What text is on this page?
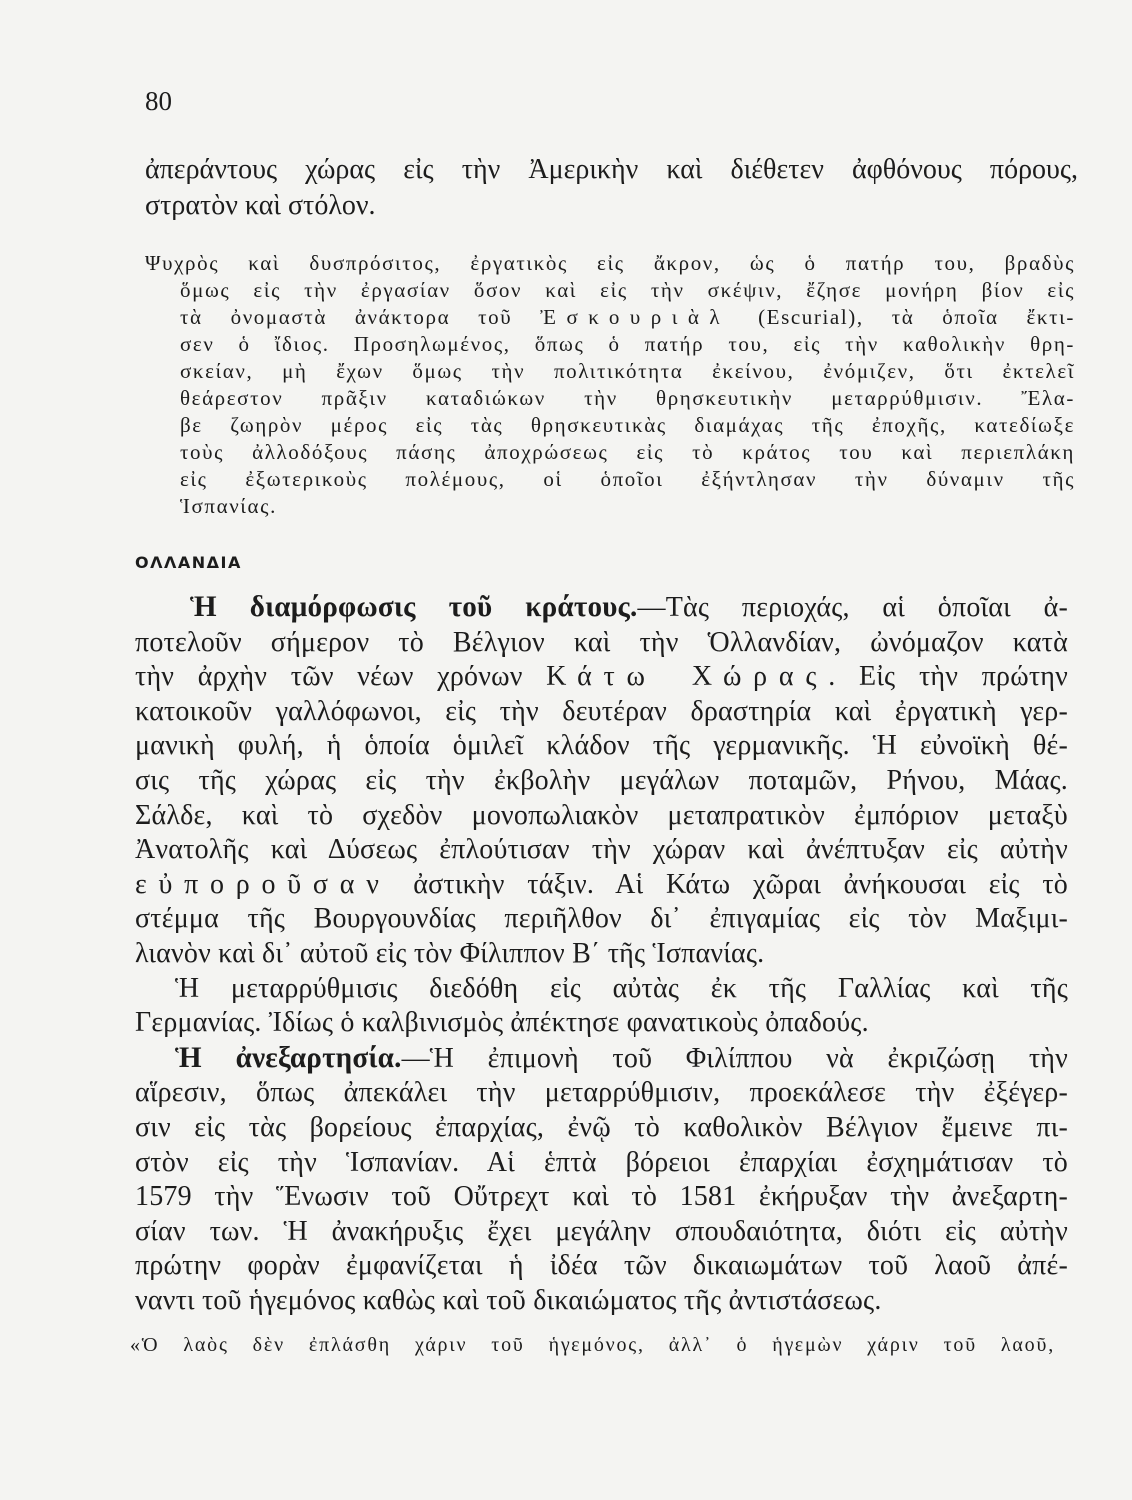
80
ἀπεράντους χώρας εἰς τὴν Ἀμερικὴν καὶ διέθετεν ἀφθόνους πόρους,
στρατὸν καὶ στόλον.
Ψυχρὸς καὶ δυσπρόσιτος, ἐργατικὸς εἰς ἄκρον, ὡς ὁ πατήρ του, βραδὺς
ὅμως εἰς τὴν ἐργασίαν ὅσον καὶ εἰς τὴν σκέψιν, ἔζησε μονήρη βίον εἰς
τὰ ὀνομαστὰ ἀνάκτορα τοῦ Ἐσκουριὰλ (Escurial), τὰ ὁποῖα ἔκτι-
σεν ὁ ἴδιος. Προσηλωμένος, ὅπως ὁ πατήρ του, εἰς τὴν καθολικὴν θρη-
σκείαν, μὴ ἔχων ὅμως τὴν πολιτικότητα ἐκείνου, ἐνόμιζεν, ὅτι ἐκτελεῖ
θεάρεστον πρᾶξιν καταδιώκων τὴν θρησκευτικὴν μεταρρύθμισιν. Ἔλα-
βε ζωηρὸν μέρος εἰς τὰς θρησκευτικὰς διαμάχας τῆς ἐποχῆς, κατεδίωξε
τοὺς ἀλλοδόξους πάσης ἀποχρώσεως εἰς τὸ κράτος του καὶ περιεπλάκη
εἰς ἐξωτερικοὺς πολέμους, οἱ ὁποῖοι ἐξήντλησαν τὴν δύναμιν τῆς
Ἱσπανίας.
ΟΛΛΑΝΔΙΑ
Ἡ διαμόρφωσις τοῦ κράτους.—Τὰς περιοχάς, αἱ ὁποῖαι ἀ-
ποτελοῦν σήμερον τὸ Βέλγιον καὶ τὴν Ὁλλανδίαν, ὠνόμαζον κατὰ
τὴν ἀρχὴν τῶν νέων χρόνων Κάτω Χώρας. Εἰς τὴν πρώτην
κατοικοῦν γαλλόφωνοι, εἰς τὴν δευτέραν δραστηρία καὶ ἐργατικὴ γερ-
μανικὴ φυλή, ἡ ὁποία ὁμιλεῖ κλάδον τῆς γερμανικῆς. Ἡ εὐνοϊκὴ θέ-
σις τῆς χώρας εἰς τὴν ἐκβολὴν μεγάλων ποταμῶν, Ρήνου, Μάας.
Σάλδε, καὶ τὸ σχεδὸν μονοπωλιακὸν μεταπρατικὸν ἐμπόριον μεταξὺ
Ἀνατολῆς καὶ Δύσεως ἐπλούτισαν τὴν χώραν καὶ ἀνέπτυξαν εἰς αὐτὴν
εὐποροῦσαν ἀστικὴν τάξιν. Αἱ Κάτω χῶραι ἀνήκουσαι εἰς τὸ
στέμμα τῆς Βουργουνδίας περιῆλθον δι᾽ ἐπιγαμίας εἰς τὸν Μαξιμι-
λιανὸν καὶ δι᾽ αὐτοῦ εἰς τὸν Φίλιππον Β΄ τῆς Ἱσπανίας.
Ἡ μεταρρύθμισις διεδόθη εἰς αὐτὰς ἐκ τῆς Γαλλίας καὶ τῆς
Γερμανίας. Ἰδίως ὁ καλβινισμὸς ἀπέκτησε φανατικοὺς ὀπαδούς.
Ἡ ἀνεξαρτησία.—Ἡ ἐπιμονὴ τοῦ Φιλίππου νὰ ἐκριζώσῃ τὴν
αἵρεσιν, ὅπως ἀπεκάλει τὴν μεταρρύθμισιν, προεκάλεσε τὴν ἐξέγερ-
σιν εἰς τὰς βορείους ἐπαρχίας, ἐνῷ τὸ καθολικὸν Βέλγιον ἔμεινε πι-
στὸν εἰς τὴν Ἱσπανίαν. Αἱ ἑπτὰ βόρειοι ἐπαρχίαι ἐσχημάτισαν τὸ
1579 τὴν Ἕνωσιν τοῦ Οὔτρεχτ καὶ τὸ 1581 ἐκήρυξαν τὴν ἀνεξαρτη-
σίαν των. Ἡ ἀνακήρυξις ἔχει μεγάλην σπουδαιότητα, διότι εἰς αὐτὴν
πρώτην φορὰν ἐμφανίζεται ἡ ἰδέα τῶν δικαιωμάτων τοῦ λαοῦ ἀπέ-
ναντι τοῦ ἡγεμόνος καθὼς καὶ τοῦ δικαιώματος τῆς ἀντιστάσεως.
«Ὁ λαὸς δὲν ἐπλάσθη χάριν τοῦ ἡγεμόνος, ἀλλ᾽ ὁ ἡγεμὼν χάριν τοῦ λαοῦ,
